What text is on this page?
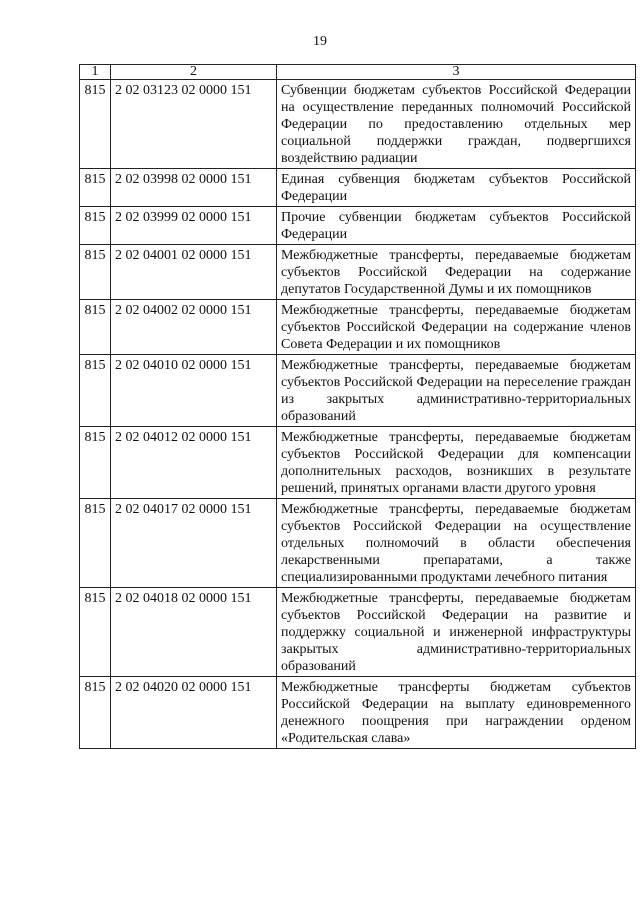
19
1	2	3
815	2 02 03123 02 0000 151	Субвенции бюджетам субъектов Российской Федерации на осуществление переданных полномочий Российской Федерации по предоставлению отдельных мер социальной поддержки граждан, подвергшихся воздействию радиации
815	2 02 03998 02 0000 151	Единая субвенция бюджетам субъектов Российской Федерации
815	2 02 03999 02 0000 151	Прочие субвенции бюджетам субъектов Российской Федерации
815	2 02 04001 02 0000 151	Межбюджетные трансферты, передаваемые бюджетам субъектов Российской Федерации на содержание депутатов Государственной Думы и их помощников
815	2 02 04002 02 0000 151	Межбюджетные трансферты, передаваемые бюджетам субъектов Российской Федерации на содержание членов Совета Федерации и их помощников
815	2 02 04010 02 0000 151	Межбюджетные трансферты, передаваемые бюджетам субъектов Российской Федерации на переселение граждан из закрытых административно-территориальных образований
815	2 02 04012 02 0000 151	Межбюджетные трансферты, передаваемые бюджетам субъектов Российской Федерации для компенсации дополнительных расходов, возникших в результате решений, принятых органами власти другого уровня
815	2 02 04017 02 0000 151	Межбюджетные трансферты, передаваемые бюджетам субъектов Российской Федерации на осуществление отдельных полномочий в области обеспечения лекарственными препаратами, а также специализированными продуктами лечебного питания
815	2 02 04018 02 0000 151	Межбюджетные трансферты, передаваемые бюджетам субъектов Российской Федерации на развитие и поддержку социальной и инженерной инфраструктуры закрытых административно-территориальных образований
815	2 02 04020 02 0000 151	Межбюджетные трансферты бюджетам субъектов Российской Федерации на выплату единовременного денежного поощрения при награждении орденом «Родительская слава»
